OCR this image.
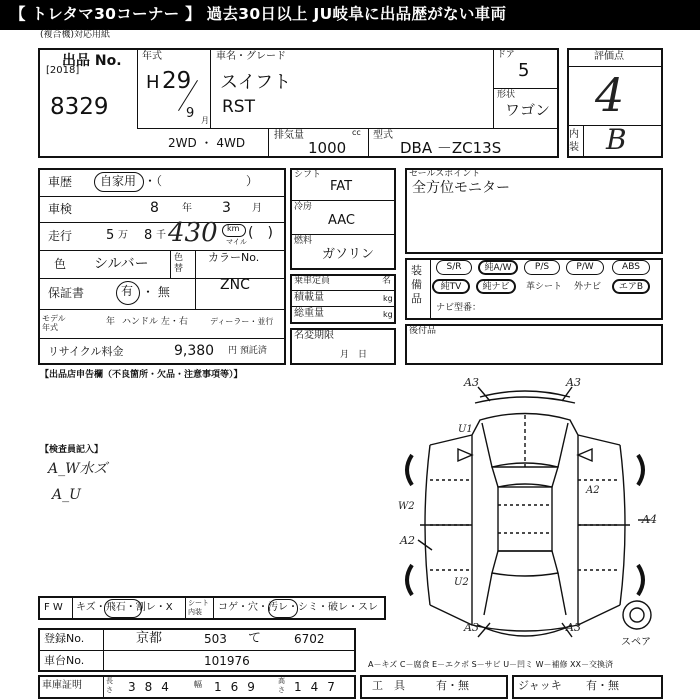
【 トレタマ30コーナー 】 過去30日以上 JU岐阜に出品歴がない車両
(複合機)対応用紙
出品 No.
[2018]
8329
年式
H 29
9 月
車名・グレード
スイフト
RST
ドア
5
形状
ワゴン
2WD ・ 4WD
排気量	cc
1000
型式
DBA －ZC13S
評価点
4
内装 B
車歴 自家用 ・（　　　　　　　）
車検	8 年 3 月
走行	5 万 8 千 430 km
マイル
(　)
色 シルバー	色替
カラーNo.
ZNC
保証書	有 ・ 無
モデル年式
年 ハンドル 左・右	ディーラー・並行
リサイクル料金	9,380 円 預託済
シフト
FAT
冷房
AAC
燃料
ガソリン
乗車定員	名
積載量	kg
総重量	kg
名変期限
月　日
セールスポイント
全方位モニター
装備品
S/R	純A/W	P/S	P/W	ABS
純TV	純ナビ	革シート 外ナビ	エアB
ナビ型番：
後付品
【出品店申告欄（不良箇所・欠品・注意事項等）】
【検査員記入】
A_W水ズ
A_U
A3	A3
U1
W2
A2
A4
A2
U2
A3	A3
スペア
F W キズ・飛石・割レ・X シート内装	コゲ・穴・汚レ・シミ・破レ・スレ
登録No.	京都	503 て	6702
車台No.	101976	A－キズ C－腐食 E－エクボ S－サビ U－凹ミ W－補修 XX－交換済
車庫証明	長さ 384 幅 169 高さ 147	工　具	有・無	ジャッキ 有・無
